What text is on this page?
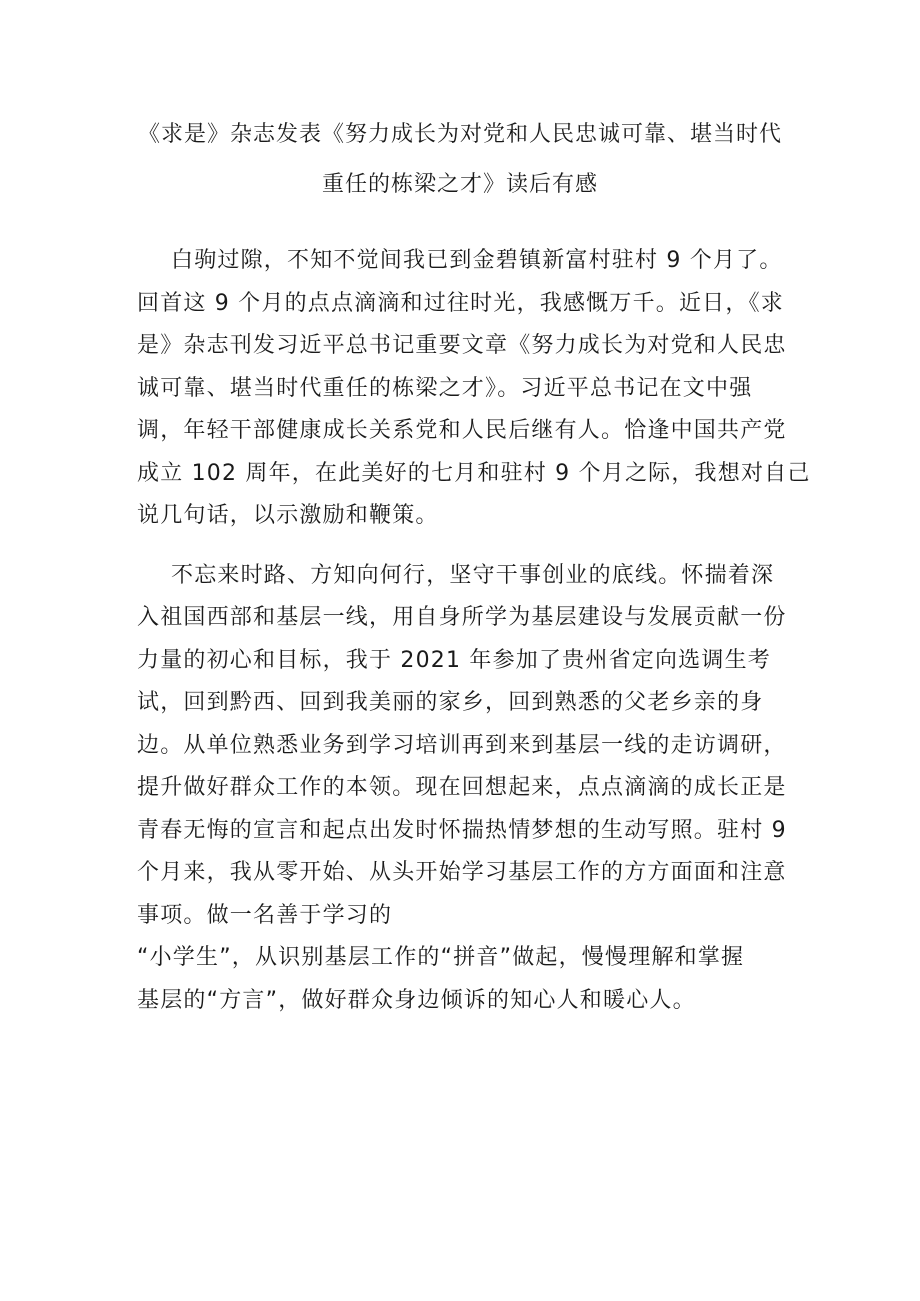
《求是》杂志发表《努力成长为对党和人民忠诚可靠、堪当时代
重任的栋梁之才》读后有感

白驹过隙，不知不觉间我已到金碧镇新富村驻村 9 个月了。
回首这 9 个月的点点滴滴和过往时光，我感慨万千。近日，《求
是》杂志刊发习近平总书记重要文章《努力成长为对党和人民忠
诚可靠、堪当时代重任的栋梁之才》。习近平总书记在文中强
调，年轻干部健康成长关系党和人民后继有人。恰逢中国共产党
成立 102 周年，在此美好的七月和驻村 9 个月之际，我想对自己
说几句话，以示激励和鞭策。

不忘来时路、方知向何行，坚守干事创业的底线。怀揣着深
入祖国西部和基层一线，用自身所学为基层建设与发展贡献一份
力量的初心和目标，我于 2021 年参加了贵州省定向选调生考
试，回到黔西、回到我美丽的家乡，回到熟悉的父老乡亲的身
边。从单位熟悉业务到学习培训再到来到基层一线的走访调研，
提升做好群众工作的本领。现在回想起来，点点滴滴的成长正是
青春无悔的宣言和起点出发时怀揣热情梦想的生动写照。驻村 9
个月来，我从零开始、从头开始学习基层工作的方方面面和注意
事项。做一名善于学习的
“小学生”，从识别基层工作的“拼音”做起，慢慢理解和掌握
基层的“方言”，做好群众身边倾诉的知心人和暖心人。
